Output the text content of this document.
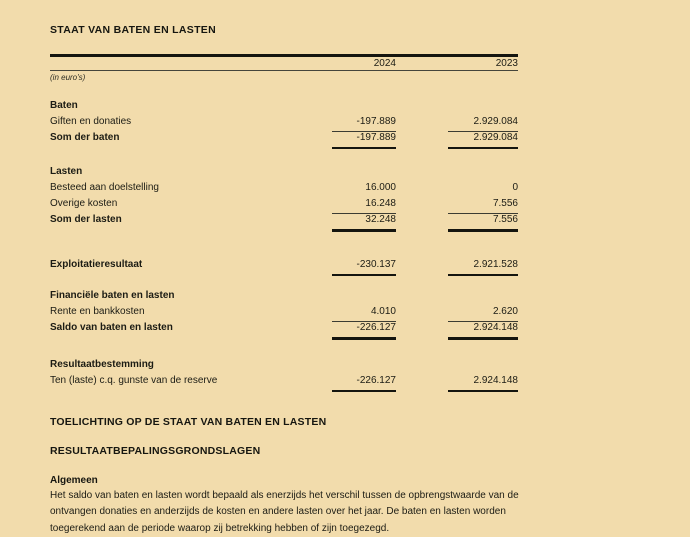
STAAT VAN BATEN EN LASTEN
2024	2023
(in euro's)
Baten
Giften en donaties	-197.889	2.929.084
Som der baten	-197.889	2.929.084
Lasten
Besteed aan doelstelling	16.000	0
Overige kosten	16.248	7.556
Som der lasten	32.248	7.556
Exploitatieresultaat	-230.137	2.921.528
Financiële baten en lasten
Rente en bankkosten	4.010	2.620
Saldo van baten en lasten	-226.127	2.924.148
Resultaatbestemming
Ten (laste) c.q. gunste van de reserve	-226.127	2.924.148
TOELICHTING OP DE STAAT VAN BATEN EN LASTEN
RESULTAATBEPALINGSGRONDSLAGEN
Algemeen

Het saldo van baten en lasten wordt bepaald als enerzijds het verschil tussen de opbrengstwaarde van de ontvangen donaties en anderzijds de kosten en andere lasten over het jaar. De baten en lasten worden toegerekend aan de periode waarop zij betrekking hebben of zijn toegezegd.
